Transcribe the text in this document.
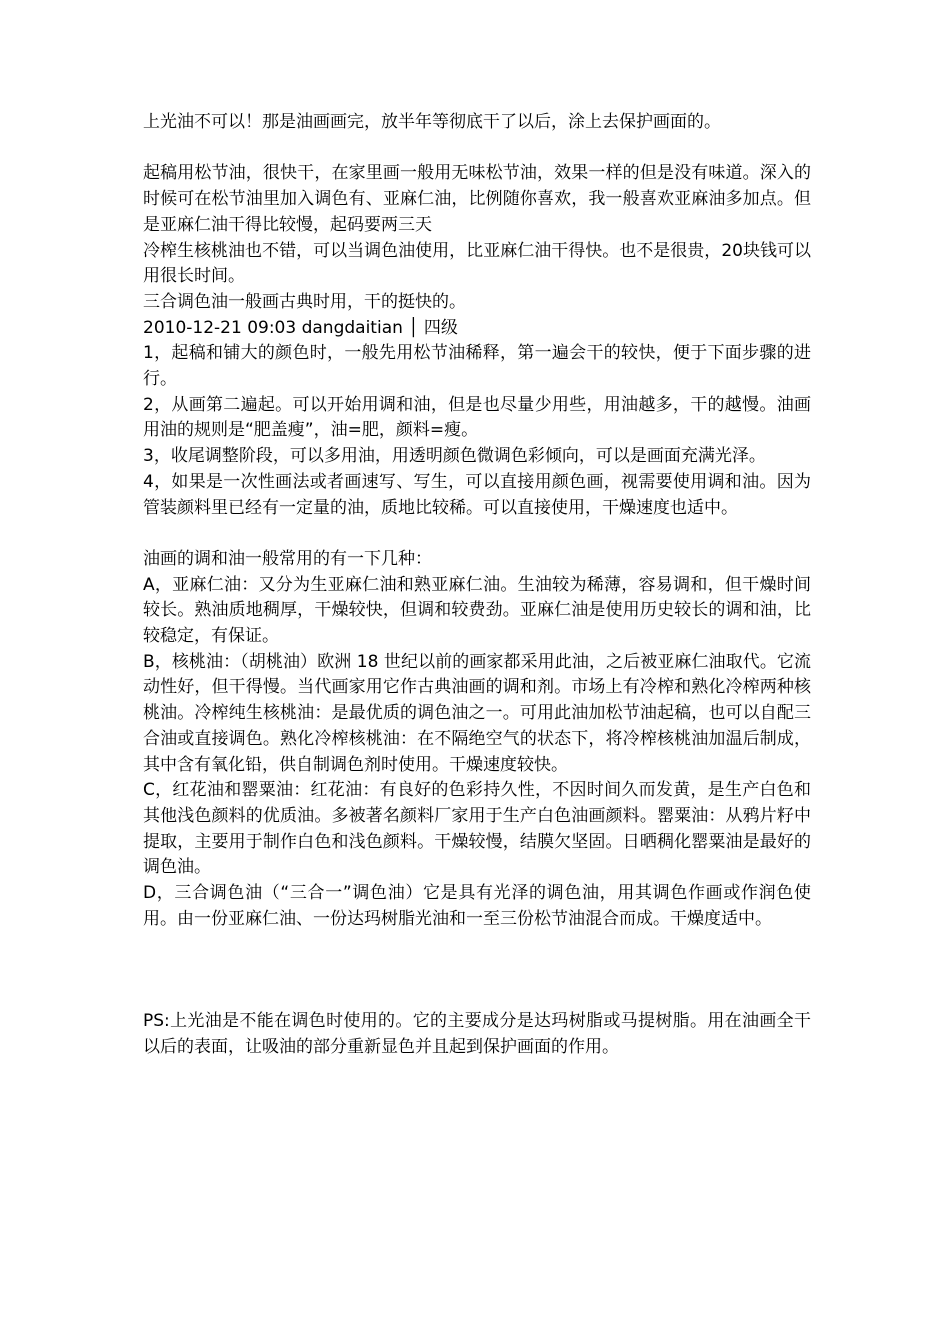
上光油不可以！那是油画画完，放半年等彻底干了以后，涂上去保护画面的。

起稿用松节油，很快干，在家里画一般用无味松节油，效果一样的但是没有味道。深入的时候可在松节油里加入调色有、亚麻仁油，比例随你喜欢，我一般喜欢亚麻油多加点。但是亚麻仁油干得比较慢，起码要两三天

冷榨生核桃油也不错，可以当调色油使用，比亚麻仁油干得快。也不是很贵，20块钱可以用很长时间。

三合调色油一般画古典时用，干的挺快的。

2010-12-21 09:03 dangdaitian │ 四级

1，起稿和铺大的颜色时，一般先用松节油稀释，第一遍会干的较快，便于下面步骤的进行。

2，从画第二遍起。可以开始用调和油，但是也尽量少用些，用油越多，干的越慢。油画用油的规则是“肥盖瘦”，油=肥，颜料=瘦。

3，收尾调整阶段，可以多用油，用透明颜色微调色彩倾向，可以是画面充满光泽。

4，如果是一次性画法或者画速写、写生，可以直接用颜色画，视需要使用调和油。因为管装颜料里已经有一定量的油，质地比较稀。可以直接使用，干燥速度也适中。

油画的调和油一般常用的有一下几种：

A，亚麻仁油：又分为生亚麻仁油和熟亚麻仁油。生油较为稀薄，容易调和，但干燥时间较长。熟油质地稠厚，干燥较快，但调和较费劲。亚麻仁油是使用历史较长的调和油，比较稳定，有保证。

B，核桃油：（胡桃油）欧洲 18 世纪以前的画家都采用此油，之后被亚麻仁油取代。它流动性好，但干得慢。当代画家用它作古典油画的调和剂。市场上有冷榨和熟化冷榨两种核桃油。冷榨纯生核桃油：是最优质的调色油之一。可用此油加松节油起稿，也可以自配三合油或直接调色。熟化冷榨核桃油：在不隔绝空气的状态下，将冷榨核桃油加温后制成，其中含有氧化铅，供自制调色剂时使用。干燥速度较快。

C，红花油和罂粟油：红花油：有良好的色彩持久性，不因时间久而发黄，是生产白色和其他浅色颜料的优质油。多被著名颜料厂家用于生产白色油画颜料。罂粟油：从鸦片籽中提取，主要用于制作白色和浅色颜料。干燥较慢，结膜欠坚固。日晒稠化罂粟油是最好的调色油。

D，三合调色油（“三合一”调色油）它是具有光泽的调色油，用其调色作画或作润色使用。由一份亚麻仁油、一份达玛树脂光油和一至三份松节油混合而成。干燥度适中。

PS:上光油是不能在调色时使用的。它的主要成分是达玛树脂或马提树脂。用在油画全干以后的表面，让吸油的部分重新显色并且起到保护画面的作用。
